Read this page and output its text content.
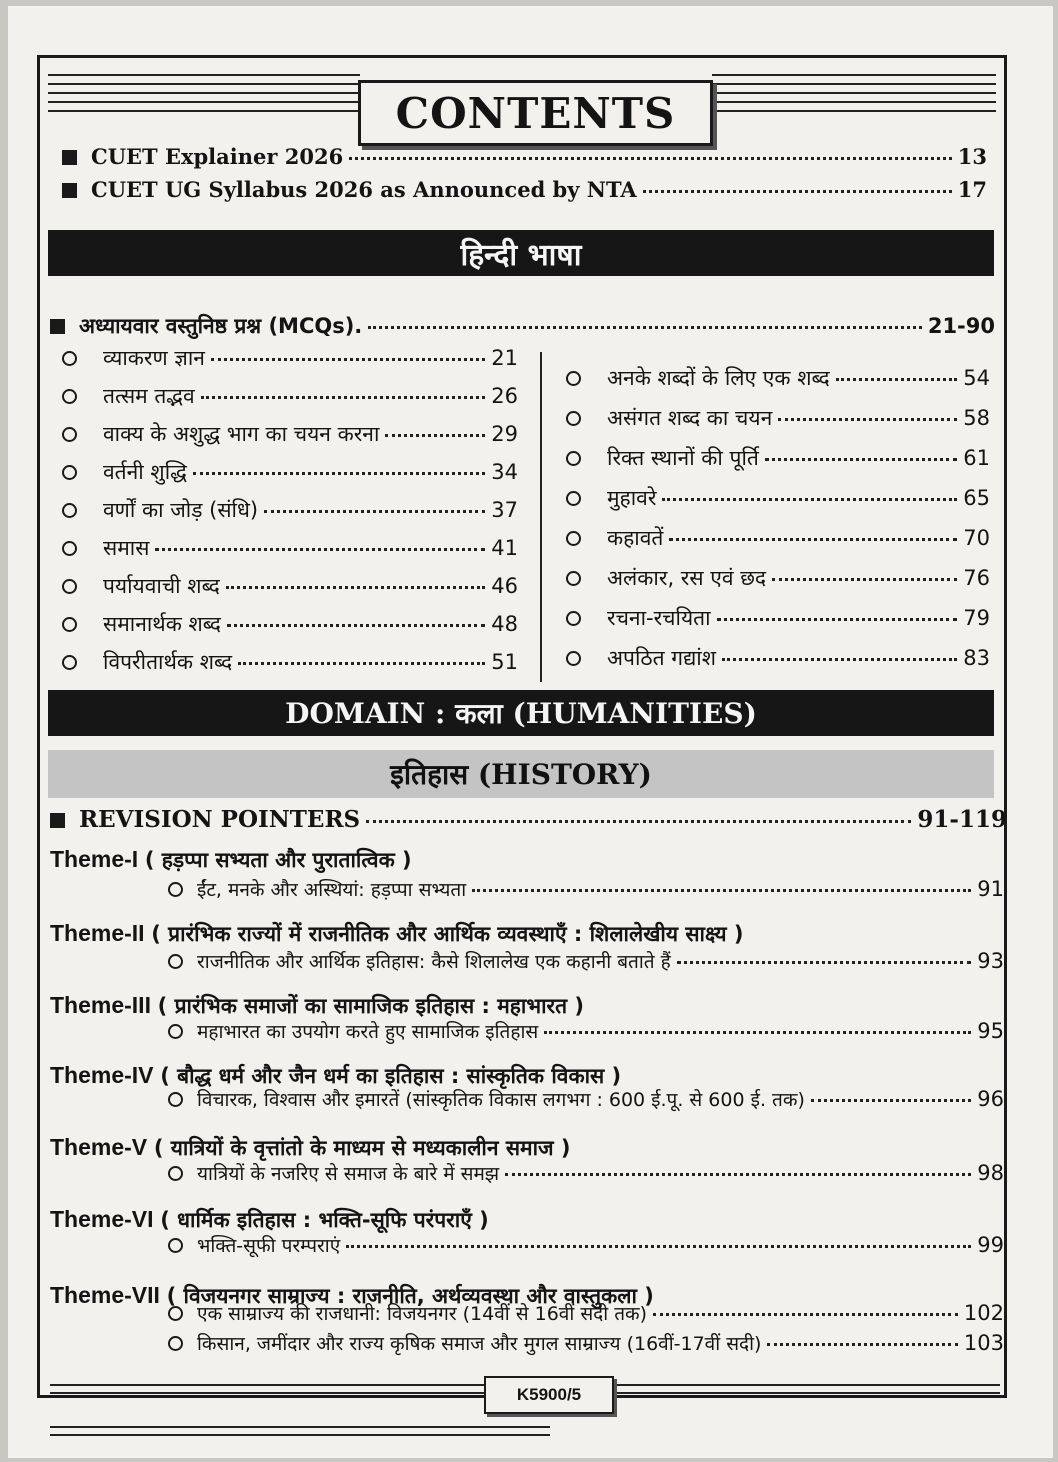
CONTENTS
CUET Explainer 2026	13
CUET UG Syllabus 2026 as Announced by NTA	17
हिन्दी भाषा
अध्यायवार वस्तुनिष्ठ प्रश्न (MCQs).	21-90
व्याकरण ज्ञान	21
तत्सम तद्भव	26
वाक्य के अशुद्ध भाग का चयन करना	29
वर्तनी शुद्धि	34
वर्णों का जोड़ (संधि)	37
समास	41
पर्यायवाची शब्द	46
समानार्थक शब्द	48
विपरीतार्थक शब्द	51
अनके शब्दों के लिए एक शब्द	54
असंगत शब्द का चयन	58
रिक्त स्थानों की पूर्ति	61
मुहावरे	65
कहावतें	70
अलंकार, रस एवं छद	76
रचना-रचयिता	79
अपठित गद्यांश	83
DOMAIN : कला (HUMANITIES)
इतिहास (HISTORY)
REVISION POINTERS	91-119
Theme-I ( हड़प्पा सभ्यता और पुरातात्विक )
ईंट, मनके और अस्थियां: हड़प्पा सभ्यता	91
Theme-II ( प्रारंभिक राज्यों में राजनीतिक और आर्थिक व्यवस्थाएँ : शिलालेखीय साक्ष्य )
राजनीतिक और आर्थिक इतिहास: कैसे शिलालेख एक कहानी बताते हैं	93
Theme-III ( प्रारंभिक समाजों का सामाजिक इतिहास : महाभारत )
महाभारत का उपयोग करते हुए सामाजिक इतिहास	95
Theme-IV ( बौद्ध धर्म और जैन धर्म का इतिहास : सांस्कृतिक विकास )
विचारक, विश्वास और इमारतें (सांस्कृतिक विकास लगभग : 600 ई.पू. से 600 ई. तक)	96
Theme-V ( यात्रियों के वृत्तांतो के माध्यम से मध्यकालीन समाज )
यात्रियों के नजरिए से समाज के बारे में समझ	98
Theme-VI ( धार्मिक इतिहास : भक्ति-सूफि परंपराएँ )
भक्ति-सूफी परम्पराएं	99
Theme-VII ( विजयनगर साम्राज्य : राजनीति, अर्थव्यवस्था और वास्तुकला )
एक साम्राज्य की राजधानी: विजयनगर (14वीं से 16वीं सदी तक)	102
किसान, जमींदार और राज्य कृषिक समाज और मुगल साम्राज्य (16वीं-17वीं सदी)	103
K5900/5
